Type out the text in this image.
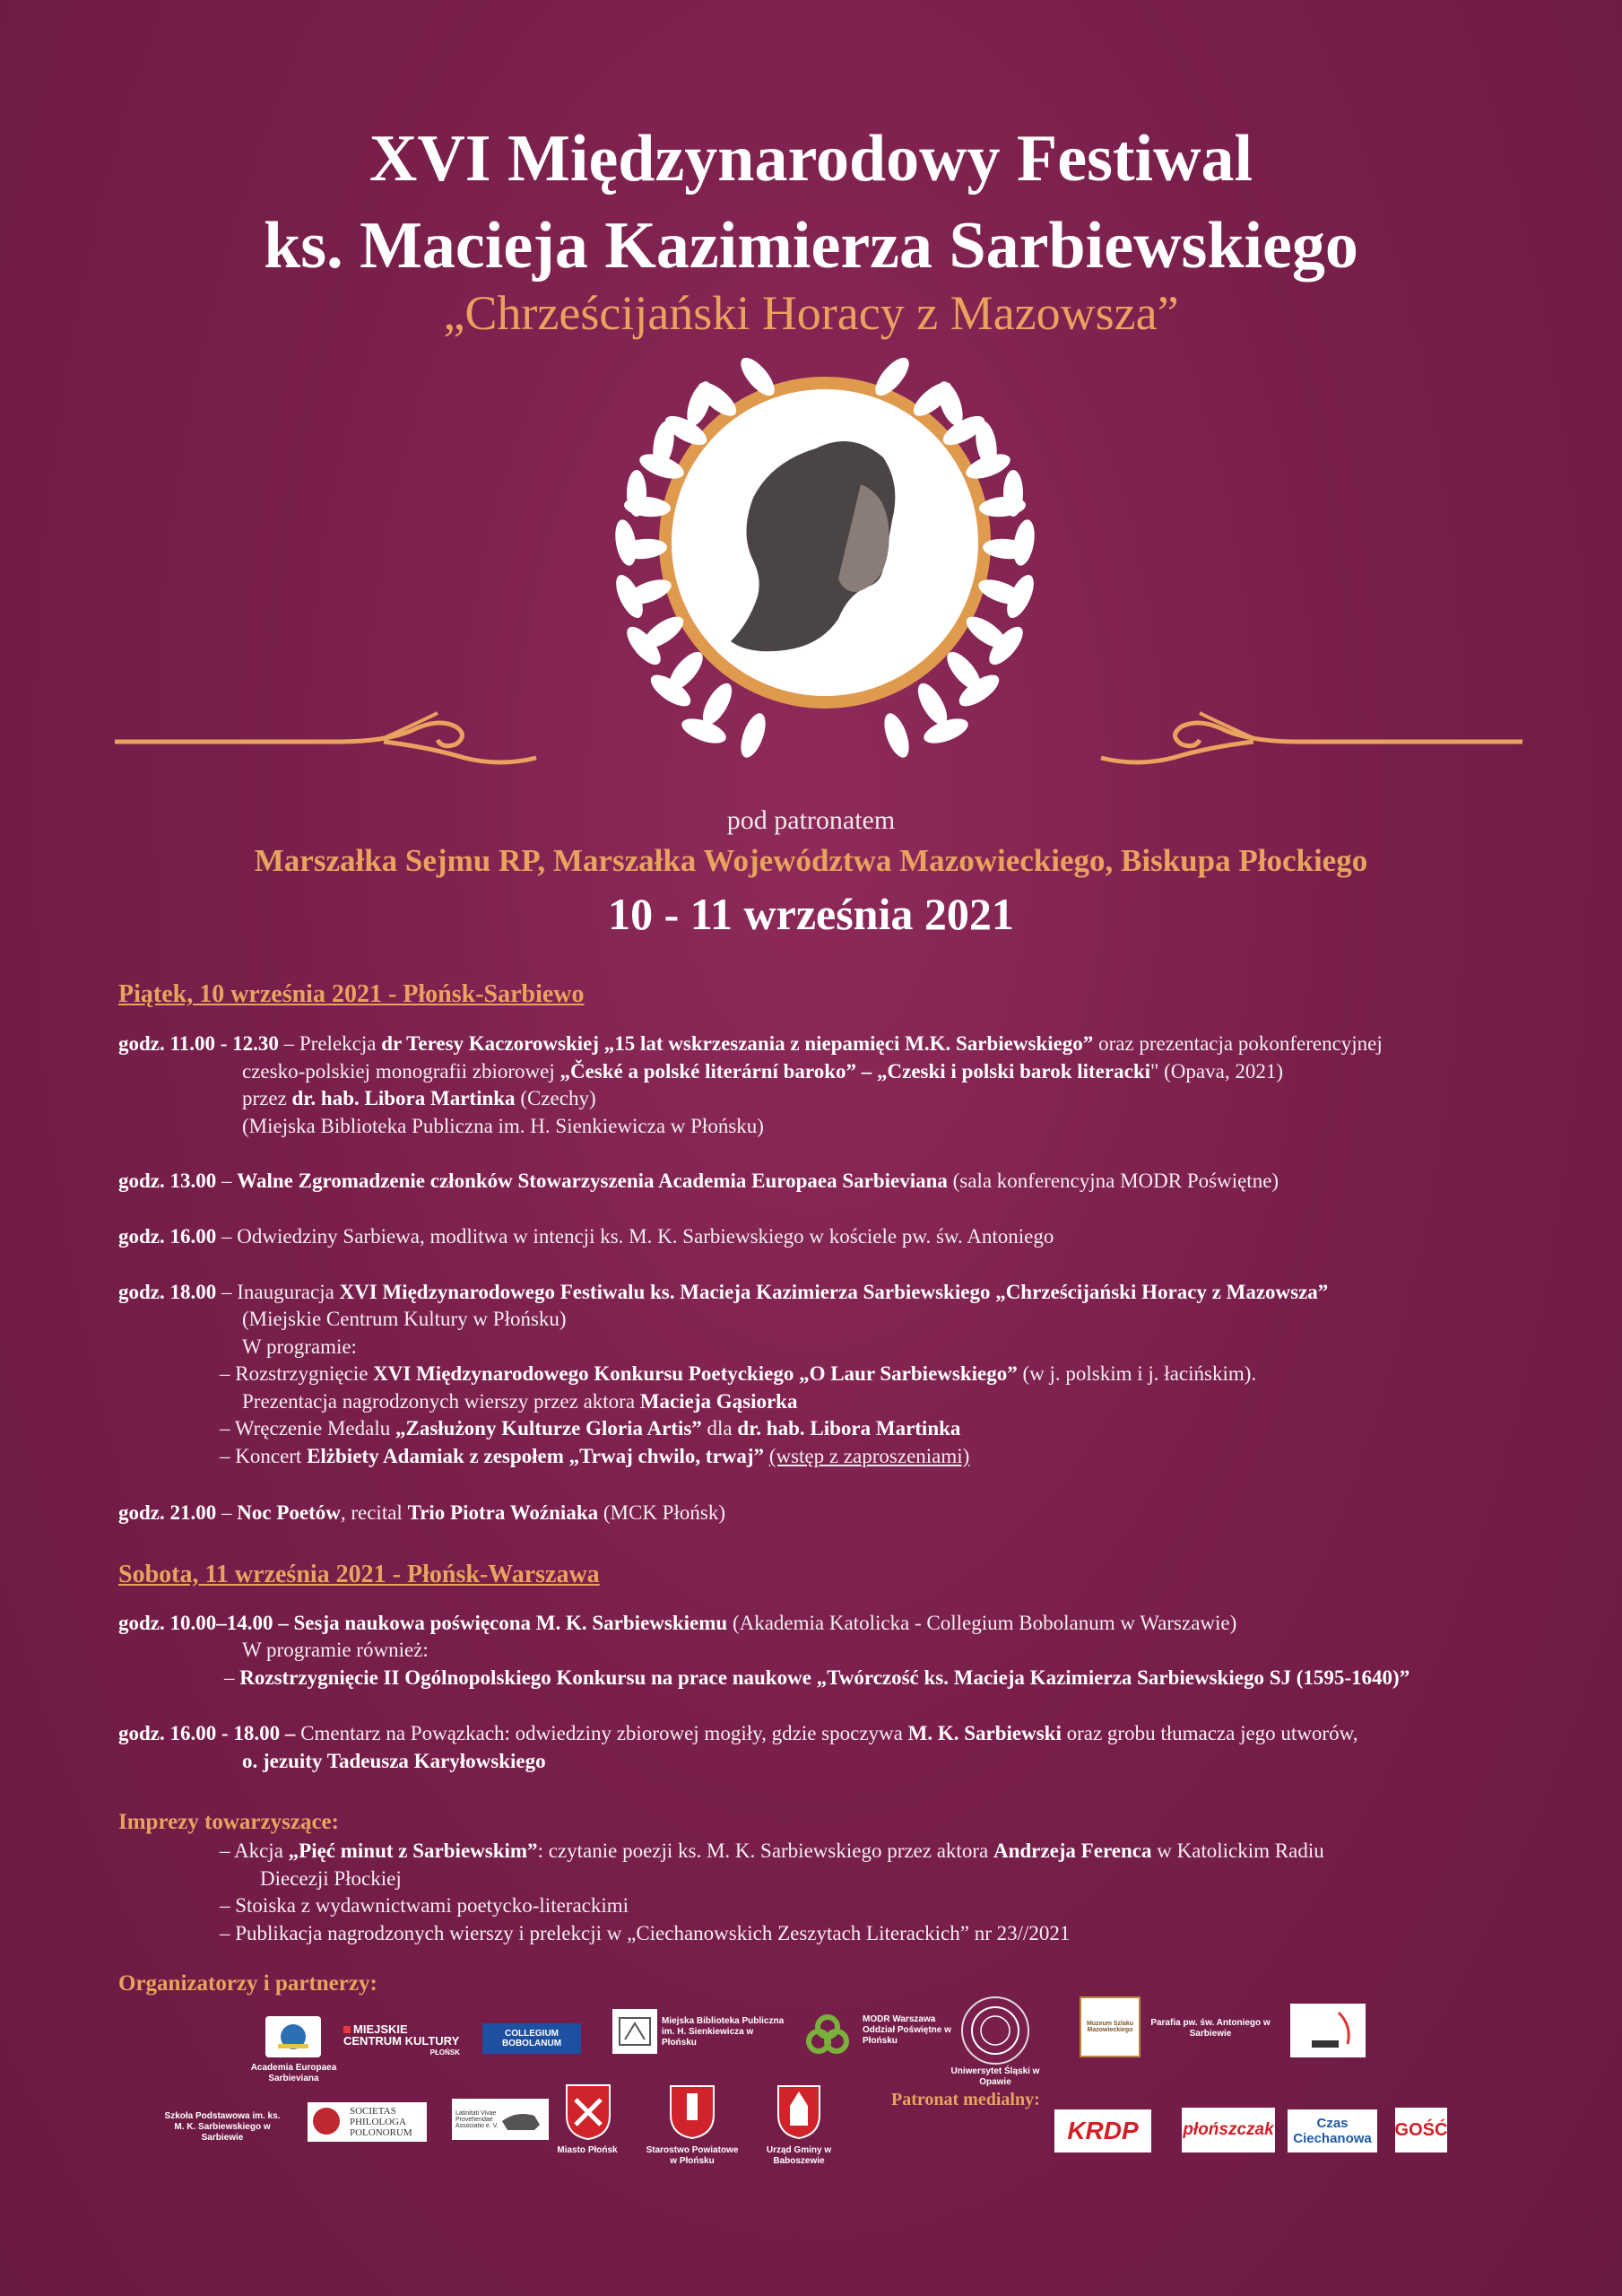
XVI Międzynarodowy Festiwal
ks. Macieja Kazimierza Sarbiewskiego
„Chrześcijański Horacy z Mazowsza”
pod patronatem
Marszałka Sejmu RP, Marszałka Województwa Mazowieckiego, Biskupa Płockiego
10 - 11 września 2021
Piątek, 10 września 2021 - Płońsk-Sarbiewo
godz. 11.00 - 12.30 – Prelekcja dr Teresy Kaczorowskiej „15 lat wskrzeszania z niepamięci M.K. Sarbiewskiego” oraz prezentacja pokonferencyjnej
czesko-polskiej monografii zbiorowej „České a polské literární baroko” – „Czeski i polski barok literacki" (Opava, 2021)
przez dr. hab. Libora Martinka (Czechy)
(Miejska Biblioteka Publiczna im. H. Sienkiewicza w Płońsku)
godz. 13.00 – Walne Zgromadzenie członków Stowarzyszenia Academia Europaea Sarbieviana (sala konferencyjna MODR Poświętne)
godz. 16.00 – Odwiedziny Sarbiewa, modlitwa w intencji ks. M. K. Sarbiewskiego w kościele pw. św. Antoniego
godz. 18.00 – Inauguracja XVI Międzynarodowego Festiwalu ks. Macieja Kazimierza Sarbiewskiego „Chrześcijański Horacy z Mazowsza”
(Miejskie Centrum Kultury w Płońsku)
W programie:
– Rozstrzygnięcie XVI Międzynarodowego Konkursu Poetyckiego „O Laur Sarbiewskiego” (w j. polskim i j. łacińskim).
Prezentacja nagrodzonych wierszy przez aktora Macieja Gąsiorka
– Wręczenie Medalu „Zasłużony Kulturze Gloria Artis” dla dr. hab. Libora Martinka
– Koncert Elżbiety Adamiak z zespołem „Trwaj chwilo, trwaj” (wstęp z zaproszeniami)
godz. 21.00 – Noc Poetów, recital Trio Piotra Woźniaka (MCK Płońsk)
Sobota, 11 września 2021 - Płońsk-Warszawa
godz. 10.00–14.00 – Sesja naukowa poświęcona M. K. Sarbiewskiemu (Akademia Katolicka - Collegium Bobolanum w Warszawie)
W programie również:
– Rozstrzygnięcie II Ogólnopolskiego Konkursu na prace naukowe „Twórczość ks. Macieja Kazimierza Sarbiewskiego SJ (1595-1640)”
godz. 16.00 - 18.00 – Cmentarz na Powązkach: odwiedziny zbiorowej mogiły, gdzie spoczywa M. K. Sarbiewski oraz grobu tłumacza jego utworów,
o. jezuity Tadeusza Karyłowskiego
Imprezy towarzyszące:
– Akcja „Pięć minut z Sarbiewskim”: czytanie poezji ks. M. K. Sarbiewskiego przez aktora Andrzeja Ferenca w Katolickim Radiu
Diecezji Płockiej
– Stoiska z wydawnictwami poetycko-literackimi
– Publikacja nagrodzonych wierszy i prelekcji w „Ciechanowskich Zeszytach Literackich” nr 23//2021
Organizatorzy i partnerzy:
Academia Europaea Sarbieviana
MIEJSKIE CENTRUM KULTURY
PŁOŃSK
COLLEGIUM BOBOLANUM
Miejska Biblioteka Publiczna im. H. Sienkiewicza w Płońsku
MODR Warszawa Oddział Poświętne w Płońsku
Uniwersytet Śląski w Opawie
Muzeum Szlaku Mazowieckiego
Parafia pw. św. Antoniego w Sarbiewie
Szkoła Podstawowa im. ks. M. K. Sarbiewskiego w Sarbiewie
SOCIETAS PHILOLOGA POLONORUM
Latinitati Vivae Provehendae Associatio e. V.
Miasto Płońsk	Starostwo Powiatowe w Płońsku
Urząd Gminy w Baboszewie
Patronat medialny:
KRDP	płońszczak	Czas Ciechanowa	GOŚĆ
